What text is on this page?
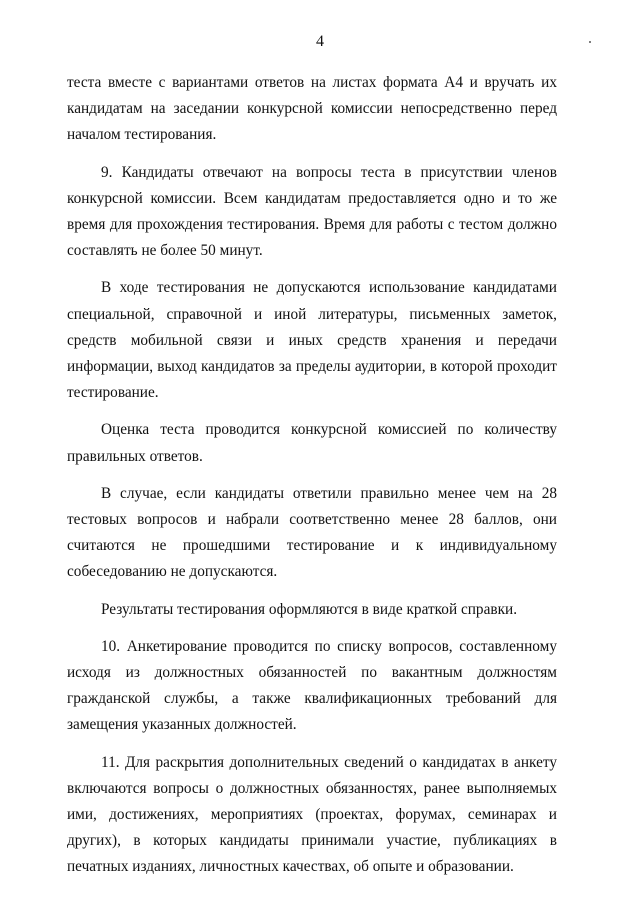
4

теста вместе с вариантами ответов на листах формата А4 и вручать их кандидатам на заседании конкурсной комиссии непосредственно перед началом тестирования.

9. Кандидаты отвечают на вопросы теста в присутствии членов конкурсной комиссии. Всем кандидатам предоставляется одно и то же время для прохождения тестирования. Время для работы с тестом должно составлять не более 50 минут.

В ходе тестирования не допускаются использование кандидатами специальной, справочной и иной литературы, письменных заметок, средств мобильной связи и иных средств хранения и передачи информации, выход кандидатов за пределы аудитории, в которой проходит тестирование.

Оценка теста проводится конкурсной комиссией по количеству правильных ответов.

В случае, если кандидаты ответили правильно менее чем на 28 тестовых вопросов и набрали соответственно менее 28 баллов, они считаются не прошедшими тестирование и к индивидуальному собеседованию не допускаются.

Результаты тестирования оформляются в виде краткой справки.

10. Анкетирование проводится по списку вопросов, составленному исходя из должностных обязанностей по вакантным должностям гражданской службы, а также квалификационных требований для замещения указанных должностей.

11. Для раскрытия дополнительных сведений о кандидатах в анкету включаются вопросы о должностных обязанностях, ранее выполняемых ими, достижениях, мероприятиях (проектах, форумах, семинарах и других), в которых кандидаты принимали участие, публикациях в печатных изданиях, личностных качествах, об опыте и образовании.
